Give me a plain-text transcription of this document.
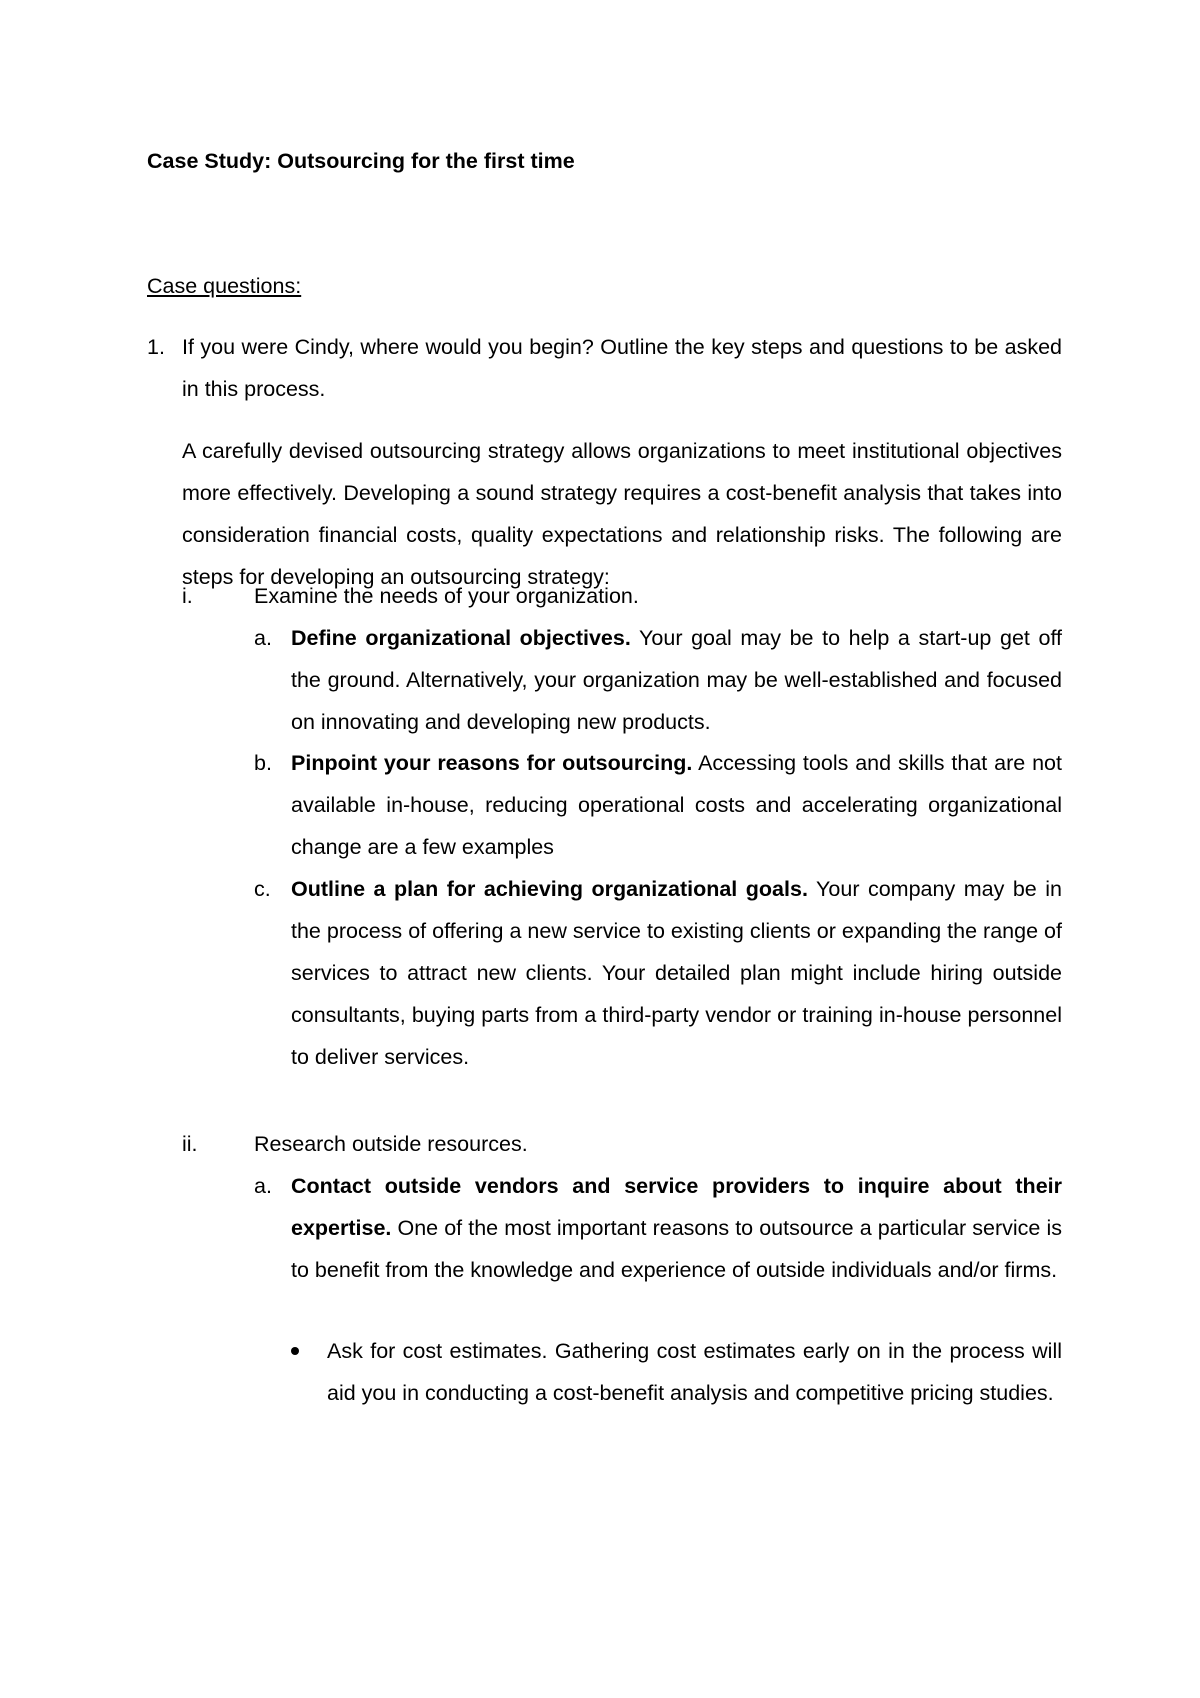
Case Study: Outsourcing for the first time

Case questions:

1. If you were Cindy, where would you begin? Outline the key steps and questions to be asked in this process.

A carefully devised outsourcing strategy allows organizations to meet institutional objectives more effectively. Developing a sound strategy requires a cost-benefit analysis that takes into consideration financial costs, quality expectations and relationship risks. The following are steps for developing an outsourcing strategy:

i.	Examine the needs of your organization.

a. Define organizational objectives. Your goal may be to help a start-up get off the ground. Alternatively, your organization may be well-established and focused on innovating and developing new products.

b. Pinpoint your reasons for outsourcing. Accessing tools and skills that are not available in-house, reducing operational costs and accelerating organizational change are a few examples

c. Outline a plan for achieving organizational goals. Your company may be in the process of offering a new service to existing clients or expanding the range of services to attract new clients. Your detailed plan might include hiring outside consultants, buying parts from a third-party vendor or training in-house personnel to deliver services.

ii.	Research outside resources.

a. Contact outside vendors and service providers to inquire about their expertise. One of the most important reasons to outsource a particular service is to benefit from the knowledge and experience of outside individuals and/or firms.

Ask for cost estimates. Gathering cost estimates early on in the process will aid you in conducting a cost-benefit analysis and competitive pricing studies.
